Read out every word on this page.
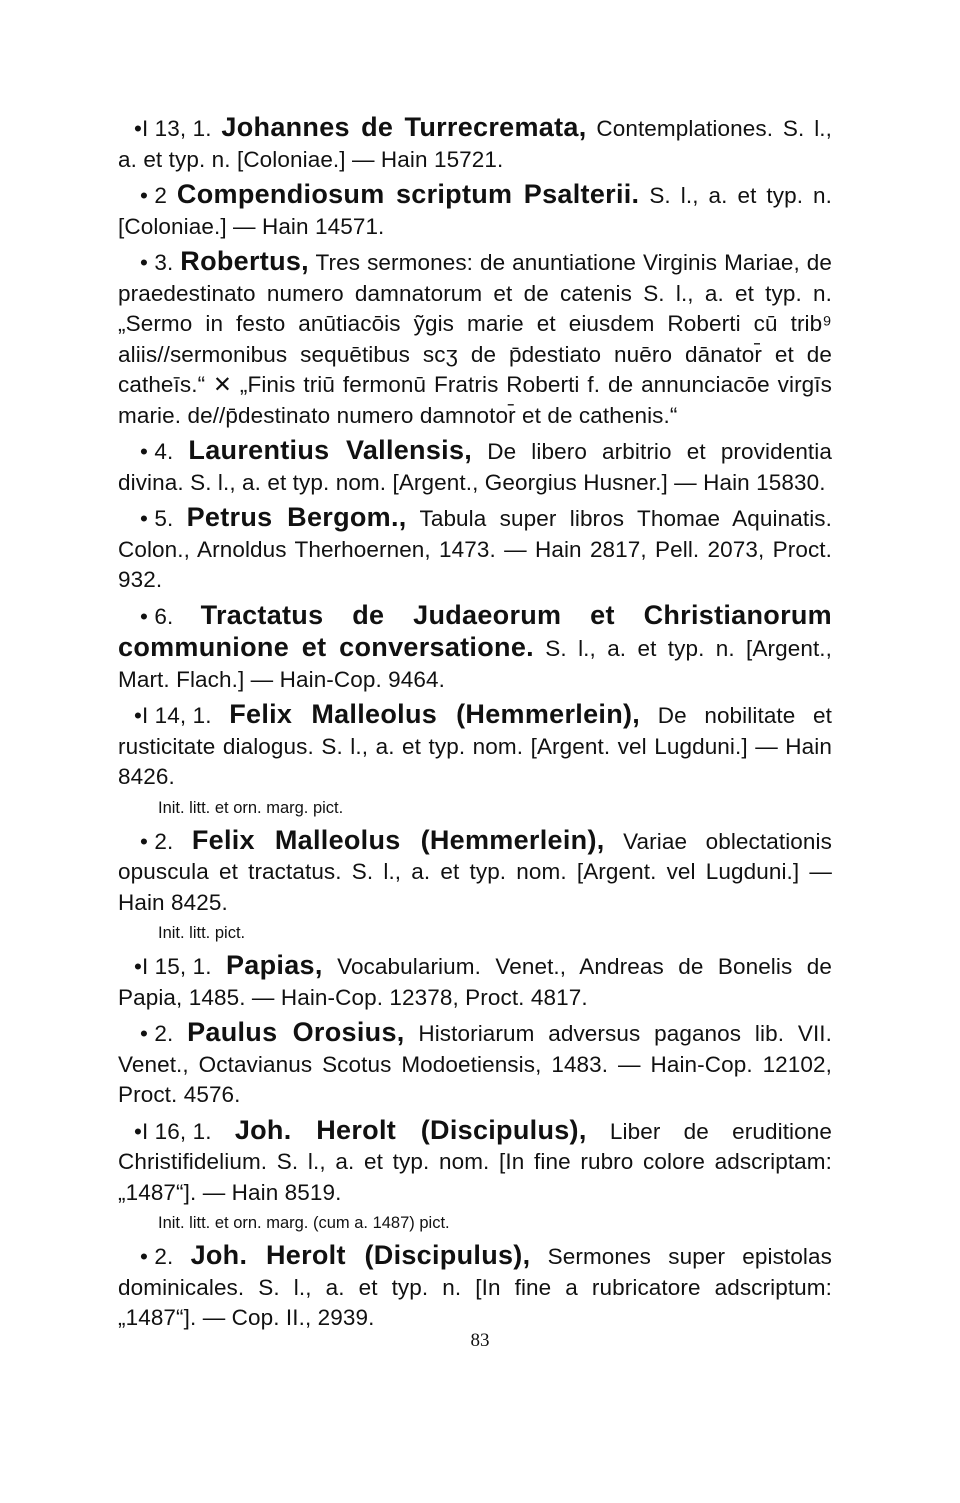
•I 13, 1. Johannes de Turrecremata, Contemplationes. S. l., a. et typ. n. [Coloniae.] — Hain 15721.

• 2 Compendiosum scriptum Psalterii. S. l., a. et typ. n. [Coloniae.] — Hain 14571.

• 3. Robertus, Tres sermones: de anuntiatione Virginis Mariae, de praedestinato numero damnatorum et de catenis S. l., a. et typ. n. „Sermo in festo anūtiacōis ỹgis marie et eiusdem Roberti cū trib⁹ aliis//sermonibus sequētibus scʒ de p̄destiato nuēro dānator̄ et de catheīs.“ ✕ „Finis triū fermonū Fratris Roberti f. de annunciacōe virgīs marie. de//p̄destinato numero damnotor̄ et de cathenis.“

• 4. Laurentius Vallensis, De libero arbitrio et providentia divina. S. l., a. et typ. nom. [Argent., Georgius Husner.] — Hain 15830.

• 5. Petrus Bergom., Tabula super libros Thomae Aquinatis. Colon., Arnoldus Therhoernen, 1473. — Hain 2817, Pell. 2073, Proct. 932.

• 6. Tractatus de Judaeorum et Christianorum communione et conversatione. S. l., a. et typ. n. [Argent., Mart. Flach.] — Hain-Cop. 9464.

•I 14, 1. Felix Malleolus (Hemmerlein), De nobilitate et rusticitate dialogus. S. l., a. et typ. nom. [Argent. vel Lugduni.] — Hain 8426.

Init. litt. et orn. marg. pict.

• 2. Felix Malleolus (Hemmerlein), Variae oblectationis opuscula et tractatus. S. l., a. et typ. nom. [Argent. vel Lugduni.] — Hain 8425.

Init. litt. pict.

•I 15, 1. Papias, Vocabularium. Venet., Andreas de Bonelis de Papia, 1485. — Hain-Cop. 12378, Proct. 4817.

• 2. Paulus Orosius, Historiarum adversus paganos lib. VII. Venet., Octavianus Scotus Modoetiensis, 1483. — Hain-Cop. 12102, Proct. 4576.

•I 16, 1. Joh. Herolt (Discipulus), Liber de eruditione Christifidelium. S. l., a. et typ. nom. [In fine rubro colore adscriptam: „1487“]. — Hain 8519.

Init. litt. et orn. marg. (cum a. 1487) pict.

• 2. Joh. Herolt (Discipulus), Sermones super epistolas dominicales. S. l., a. et typ. n. [In fine a rubricatore adscriptum: „1487“]. — Cop. II., 2939.

83
